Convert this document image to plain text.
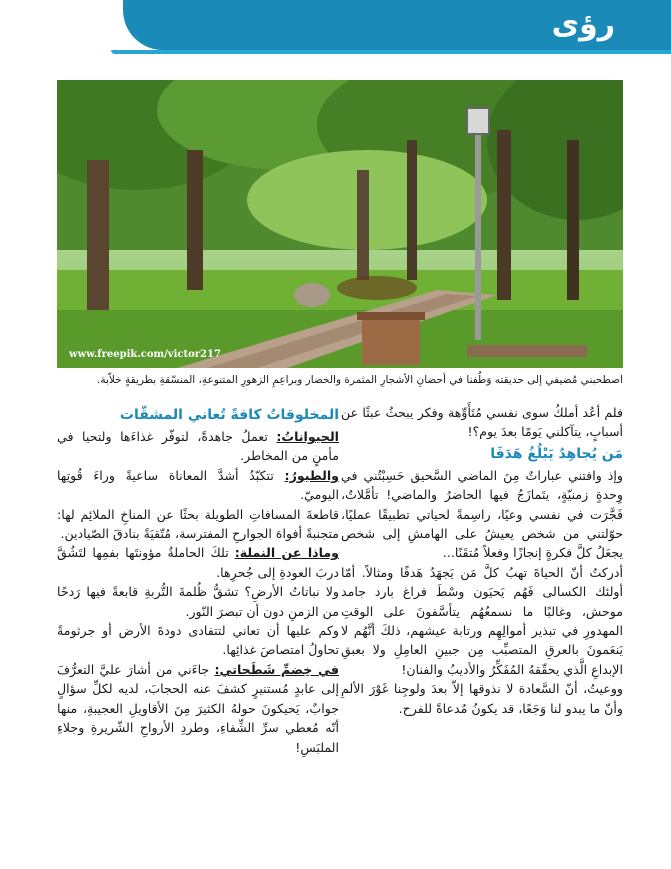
رؤى
www.freepik.com/victor217
اصطحبني مُضيفي إلى حديقته وَطُفنا في أحضانِ الأشجارِ المثمرة والخضار وبراعِمِ الزهورِ المتنوعةِ، المنسّقةِ بطريقةٍ خلاّبة.

فلم أعُد أملكُ سوى نفسي مُتَأَوِّهة وفكر يبحثُ عبثًا عن أسبابٍ، يتآكلني يَومًا بعدَ يوم؟!

مَن يُجاهِدُ يَبْلُغُ هَدَفَا

وإذ وافتني عباراتٌ مِنَ الماضي السَّحيق حَسِبْتُني في وِحدةٍ زمنيّةٍ، يتَمازَجُ فيها الحاضرُ والماضي! تأمَّلاتٌ، فَجَّرَت في نفسي وعيًا، راسِمةً لحياتي تطبيقًا عمليًا، حوّلتني من شخص يعيشُ على الهامشِ إلى شخص يجعَلُ كلَّ فكرةٍ إنجازًا وفعلاً مُتقَنًا...

أدركتُ أنّ الحياةَ تهبُ كلَّ مَن يَجهَدُ هَدفًا ومثالاً. أمّا أولئك الكسالى فَهُم يَحيَون وسْطَ فراغ بارد جامد موحش، وغالبًا ما نسمعُهُم يتأسَّفونَ على الوقتِ المهدورِ في تبذير أموالِهِم ورتابة عيشهم، ذلكَ أنَّهُم لا يَنعَمونَ بالعرقِ المتصبِّب مِن جبينِ العامِلِ ولا بعبقِ الإبداعِ الَّذي يحقّقهُ المُفَكِّرُ والأديبُ والفنان!

ووعيتُ، أنّ السَّعادة لا نذوقها إلاّ بعدَ ولوجِنا غَوْرَ الألمِ وأنّ ما يبدو لنا وَجَعًا، قد يكونُ مُدعاةً للفرح.

المخلوقاتُ كافةً تُعاني المشقّات

الحيواناتُ: تعملُ جاهدةً، لتوفّر غذاءَها ولتحيا في مأمنٍ من المخاطر.

والطيورُ: تتكبّدُ أشدَّ المعاناة ساعيةً وراءَ قُوتِها اليوميّ.

قاطعةَ المسافاتِ الطويلة بحثًا عن المناخِ الملائِم لها: متجنبةً أفواهَ الجوارحِ المفترسة، مُتّقيَةً بنادقَ الصّيادين.

وماذا عن النملة: تلكَ الحاملةُ مؤونتَها بفمِها لتَشُقَّ دربَ العودةِ إلى جُحرِها.

ولا نباتاتُ الأرضِ؟ تشقُّ ظُلمةَ التُّربةِ قابعةً فيها رَدحًا من الزمنِ دون أن تبصرَ النّور.

وكم عليها أن تعاني لتتفادى دودةَ الأرض أو جرثومةً تحاولُ امتصاصَ غذائِها.

في خِضمِّ شَطَحاتي: جاءَني من أشارَ عليَّ التعرُّفَ إلى عابدٍ مُستنيرٍ كشفَ عنه الحجابَ، لديه لكلِّ سؤالٍ جوابٌ، يَحيكونَ حولهُ الكثيرَ مِنَ الأقاويلِ العجيبةِ، منها أنّه مُعطي سرِّ الشِّفاءِ، وطردِ الأرواحِ الشّريرةِ وجلاءِ الملبَسِ!
